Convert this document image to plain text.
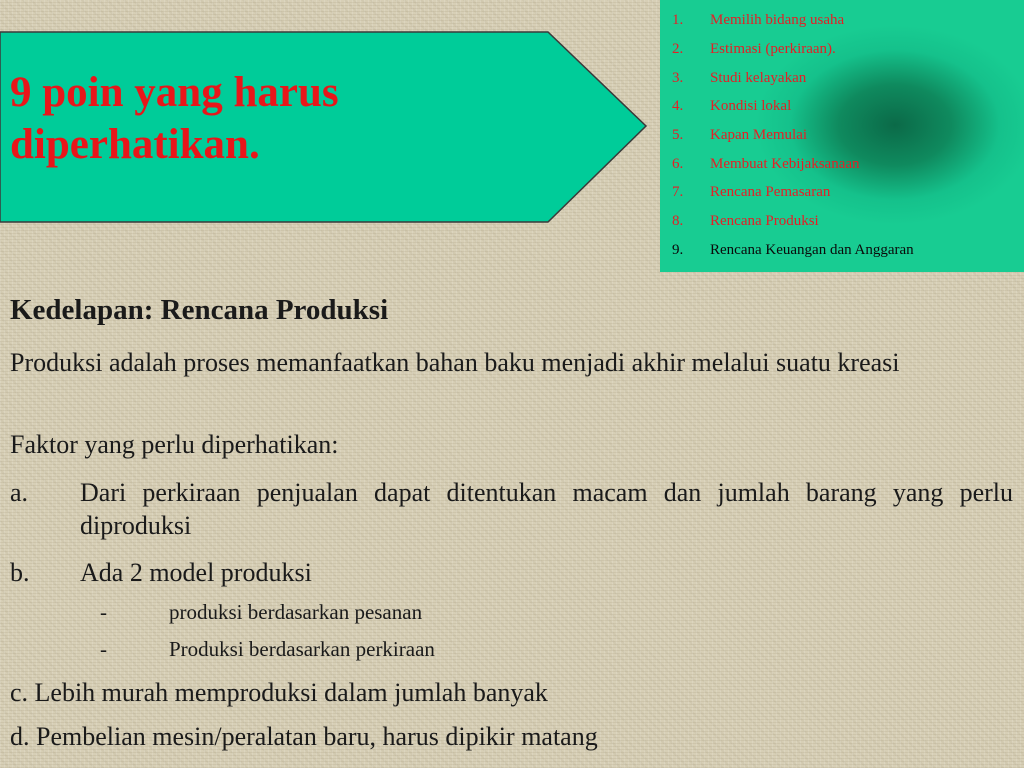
9 poin yang harus diperhatikan.
1.	Memilih bidang usaha
2.	Estimasi (perkiraan).
3.	Studi kelayakan
4.	Kondisi lokal
5.	Kapan Memulai
6.	Membuat Kebijaksanaan
7.	Rencana Pemasaran
8.	Rencana Produksi
9.	Rencana Keuangan dan Anggaran
Kedelapan: Rencana Produksi
Produksi adalah proses memanfaatkan bahan baku menjadi akhir melalui suatu kreasi
Faktor yang perlu diperhatikan:
a.	Dari perkiraan penjualan dapat ditentukan macam dan jumlah barang yang perlu diproduksi
b.	Ada 2 model produksi
-	produksi berdasarkan pesanan
-	Produksi berdasarkan perkiraan
c. Lebih murah memproduksi dalam jumlah banyak
d. Pembelian mesin/peralatan baru, harus dipikir matang
